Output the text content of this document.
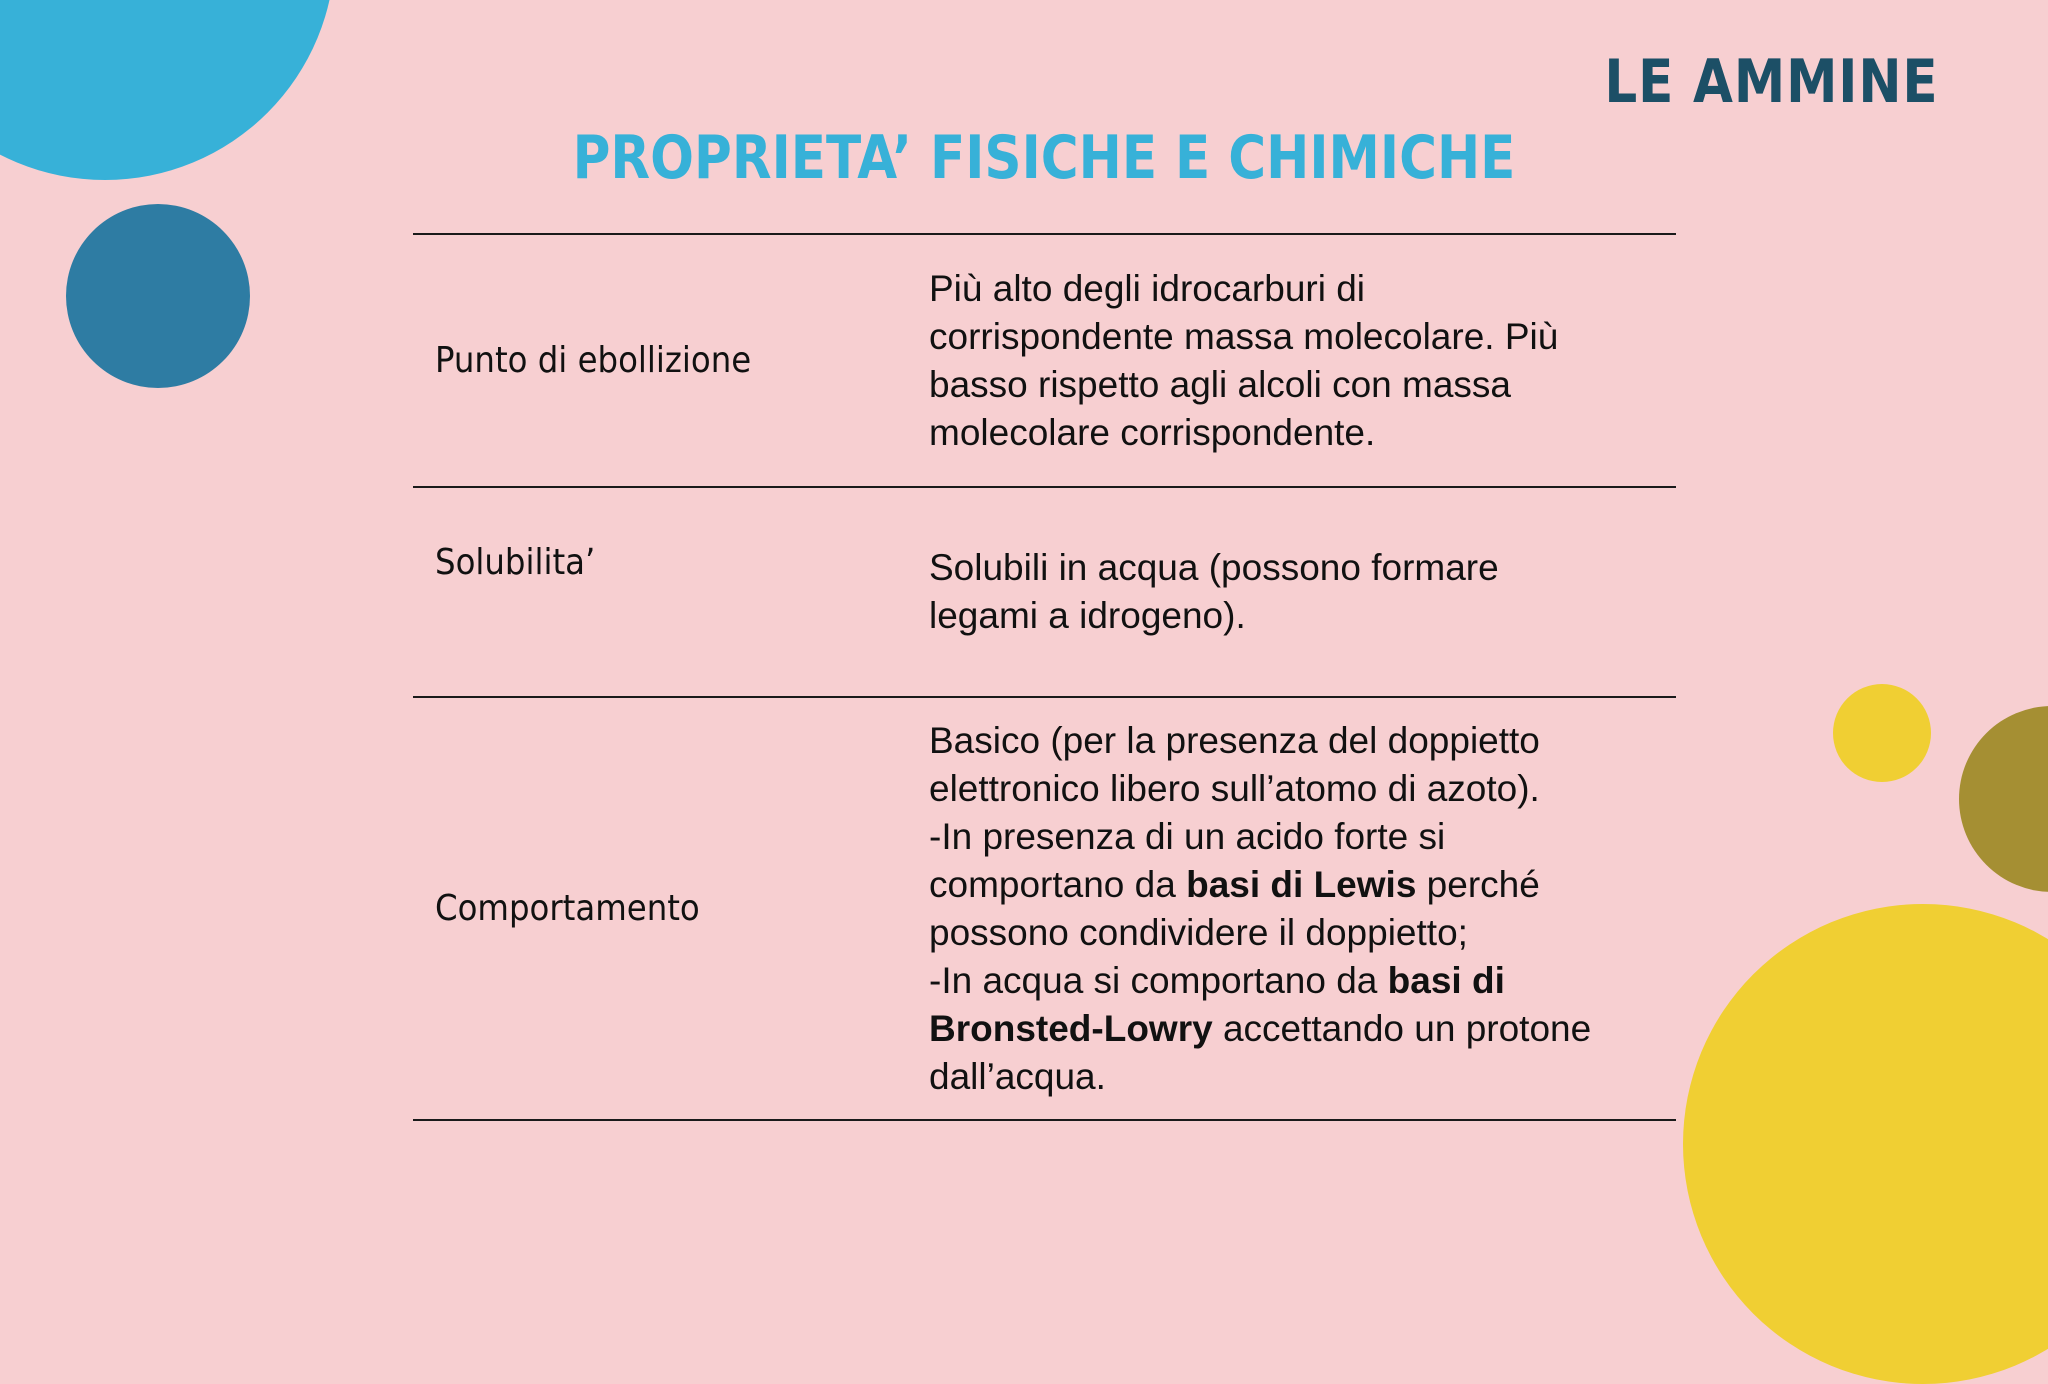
LE AMMINE
PROPRIETA’ FISICHE E CHIMICHE
Punto di ebollizione
Più alto degli idrocarburi di
corrispondente massa molecolare. Più
basso rispetto agli alcoli con massa
molecolare corrispondente.
Solubilita’	Solubili in acqua (possono formare
legami a idrogeno).
Comportamento
Basico (per la presenza del doppietto
elettronico libero sull’atomo di azoto).
-In presenza di un acido forte si
comportano da basi di Lewis perché
possono condividere il doppietto;
-In acqua si comportano da basi di
Bronsted-Lowry accettando un protone
dall’acqua.
